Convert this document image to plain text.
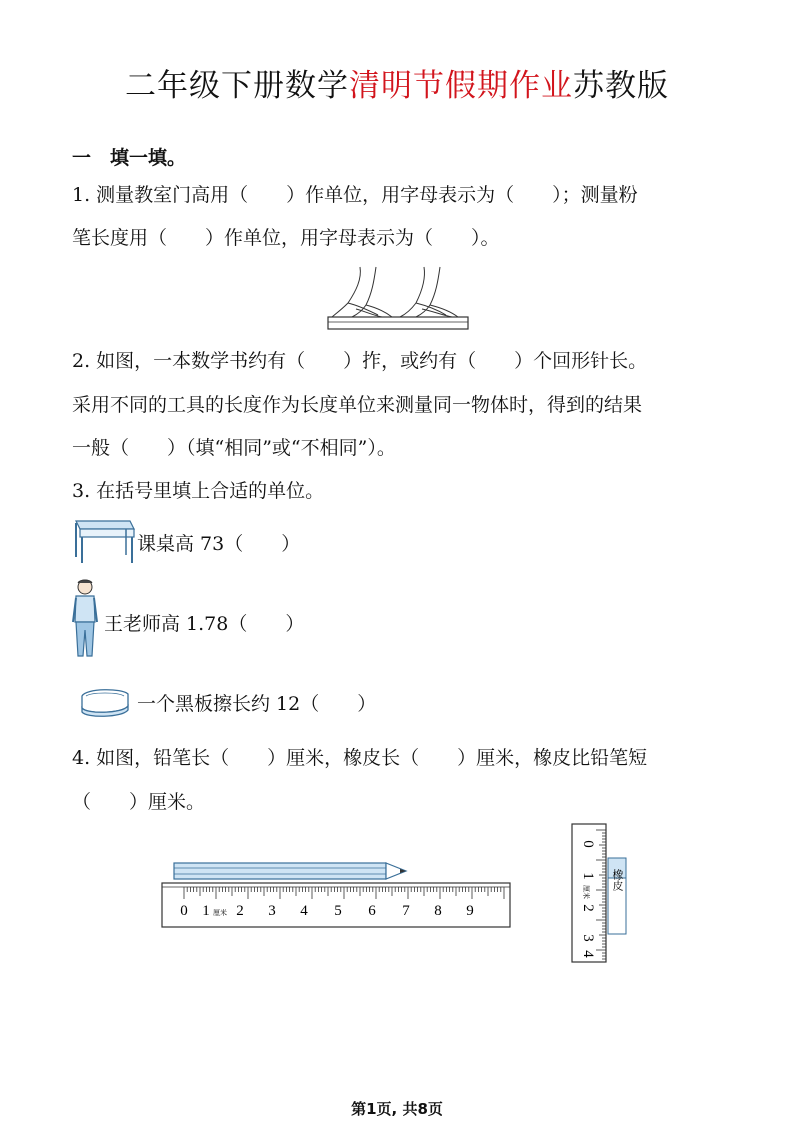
二年级下册数学清明节假期作业苏教版
一　填一填。
1. 测量教室门高用（　　）作单位，用字母表示为（　　）；测量粉
笔长度用（　　）作单位，用字母表示为（　　）。
2. 如图，一本数学书约有（　　）拃，或约有（　　）个回形针长。
采用不同的工具的长度作为长度单位来测量同一物体时，得到的结果
一般（　　）（填“相同”或“不相同”）。
3. 在括号里填上合适的单位。
课桌高 73（　　）
王老师高 1.78（　　）
一个黑板擦长约 12（　　）
4. 如图，铅笔长（　　）厘米，橡皮长（　　）厘米，橡皮比铅笔短
（　　）厘米。
0 1 厘米 2 3 4 5 6 7 8 9
0
1
2
3
4
厘米
橡皮
第1页, 共8页
